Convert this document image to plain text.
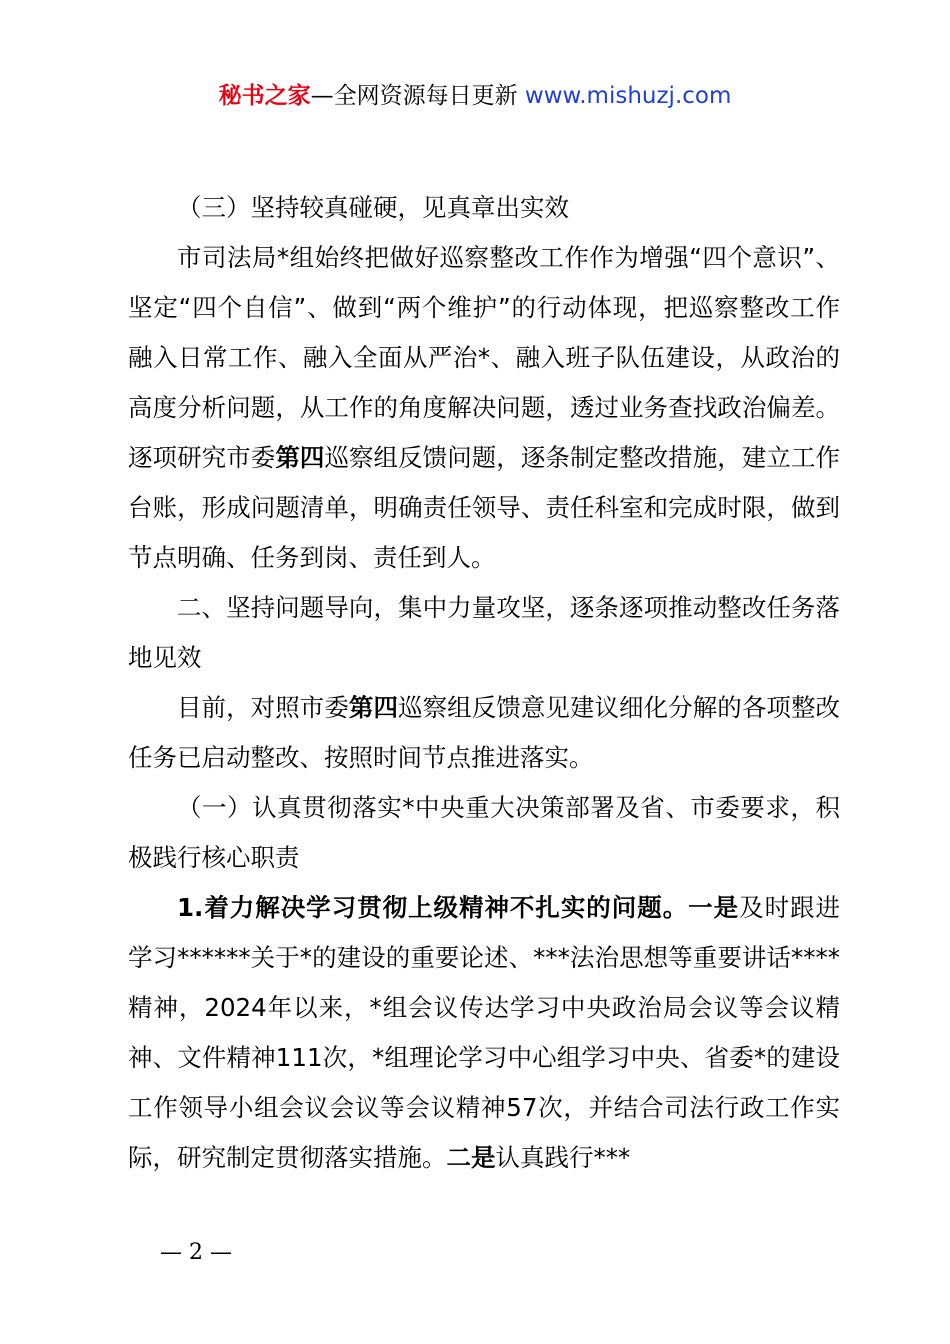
秘书之家—全网资源每日更新 www.mishuzj.com

（三）坚持较真碰硬，见真章出实效

市司法局*组始终把做好巡察整改工作作为增强“四个意识”、坚定“四个自信”、做到“两个维护”的行动体现，把巡察整改工作融入日常工作、融入全面从严治*、融入班子队伍建设，从政治的高度分析问题，从工作的角度解决问题，透过业务查找政治偏差。逐项研究市委第四巡察组反馈问题，逐条制定整改措施，建立工作台账，形成问题清单，明确责任领导、责任科室和完成时限，做到节点明确、任务到岗、责任到人。

二、坚持问题导向，集中力量攻坚，逐条逐项推动整改任务落地见效

目前，对照市委第四巡察组反馈意见建议细化分解的各项整改任务已启动整改、按照时间节点推进落实。

（一）认真贯彻落实*中央重大决策部署及省、市委要求，积极践行核心职责

1.着力解决学习贯彻上级精神不扎实的问题。一是及时跟进学习******关于*的建设的重要论述、***法治思想等重要讲话****精神，2024年以来，*组会议传达学习中央政治局会议等会议精神、文件精神111次，*组理论学习中心组学习中央、省委*的建设工作领导小组会议会议等会议精神57次，并结合司法行政工作实际，研究制定贯彻落实措施。二是认真践行***

— 2 —
